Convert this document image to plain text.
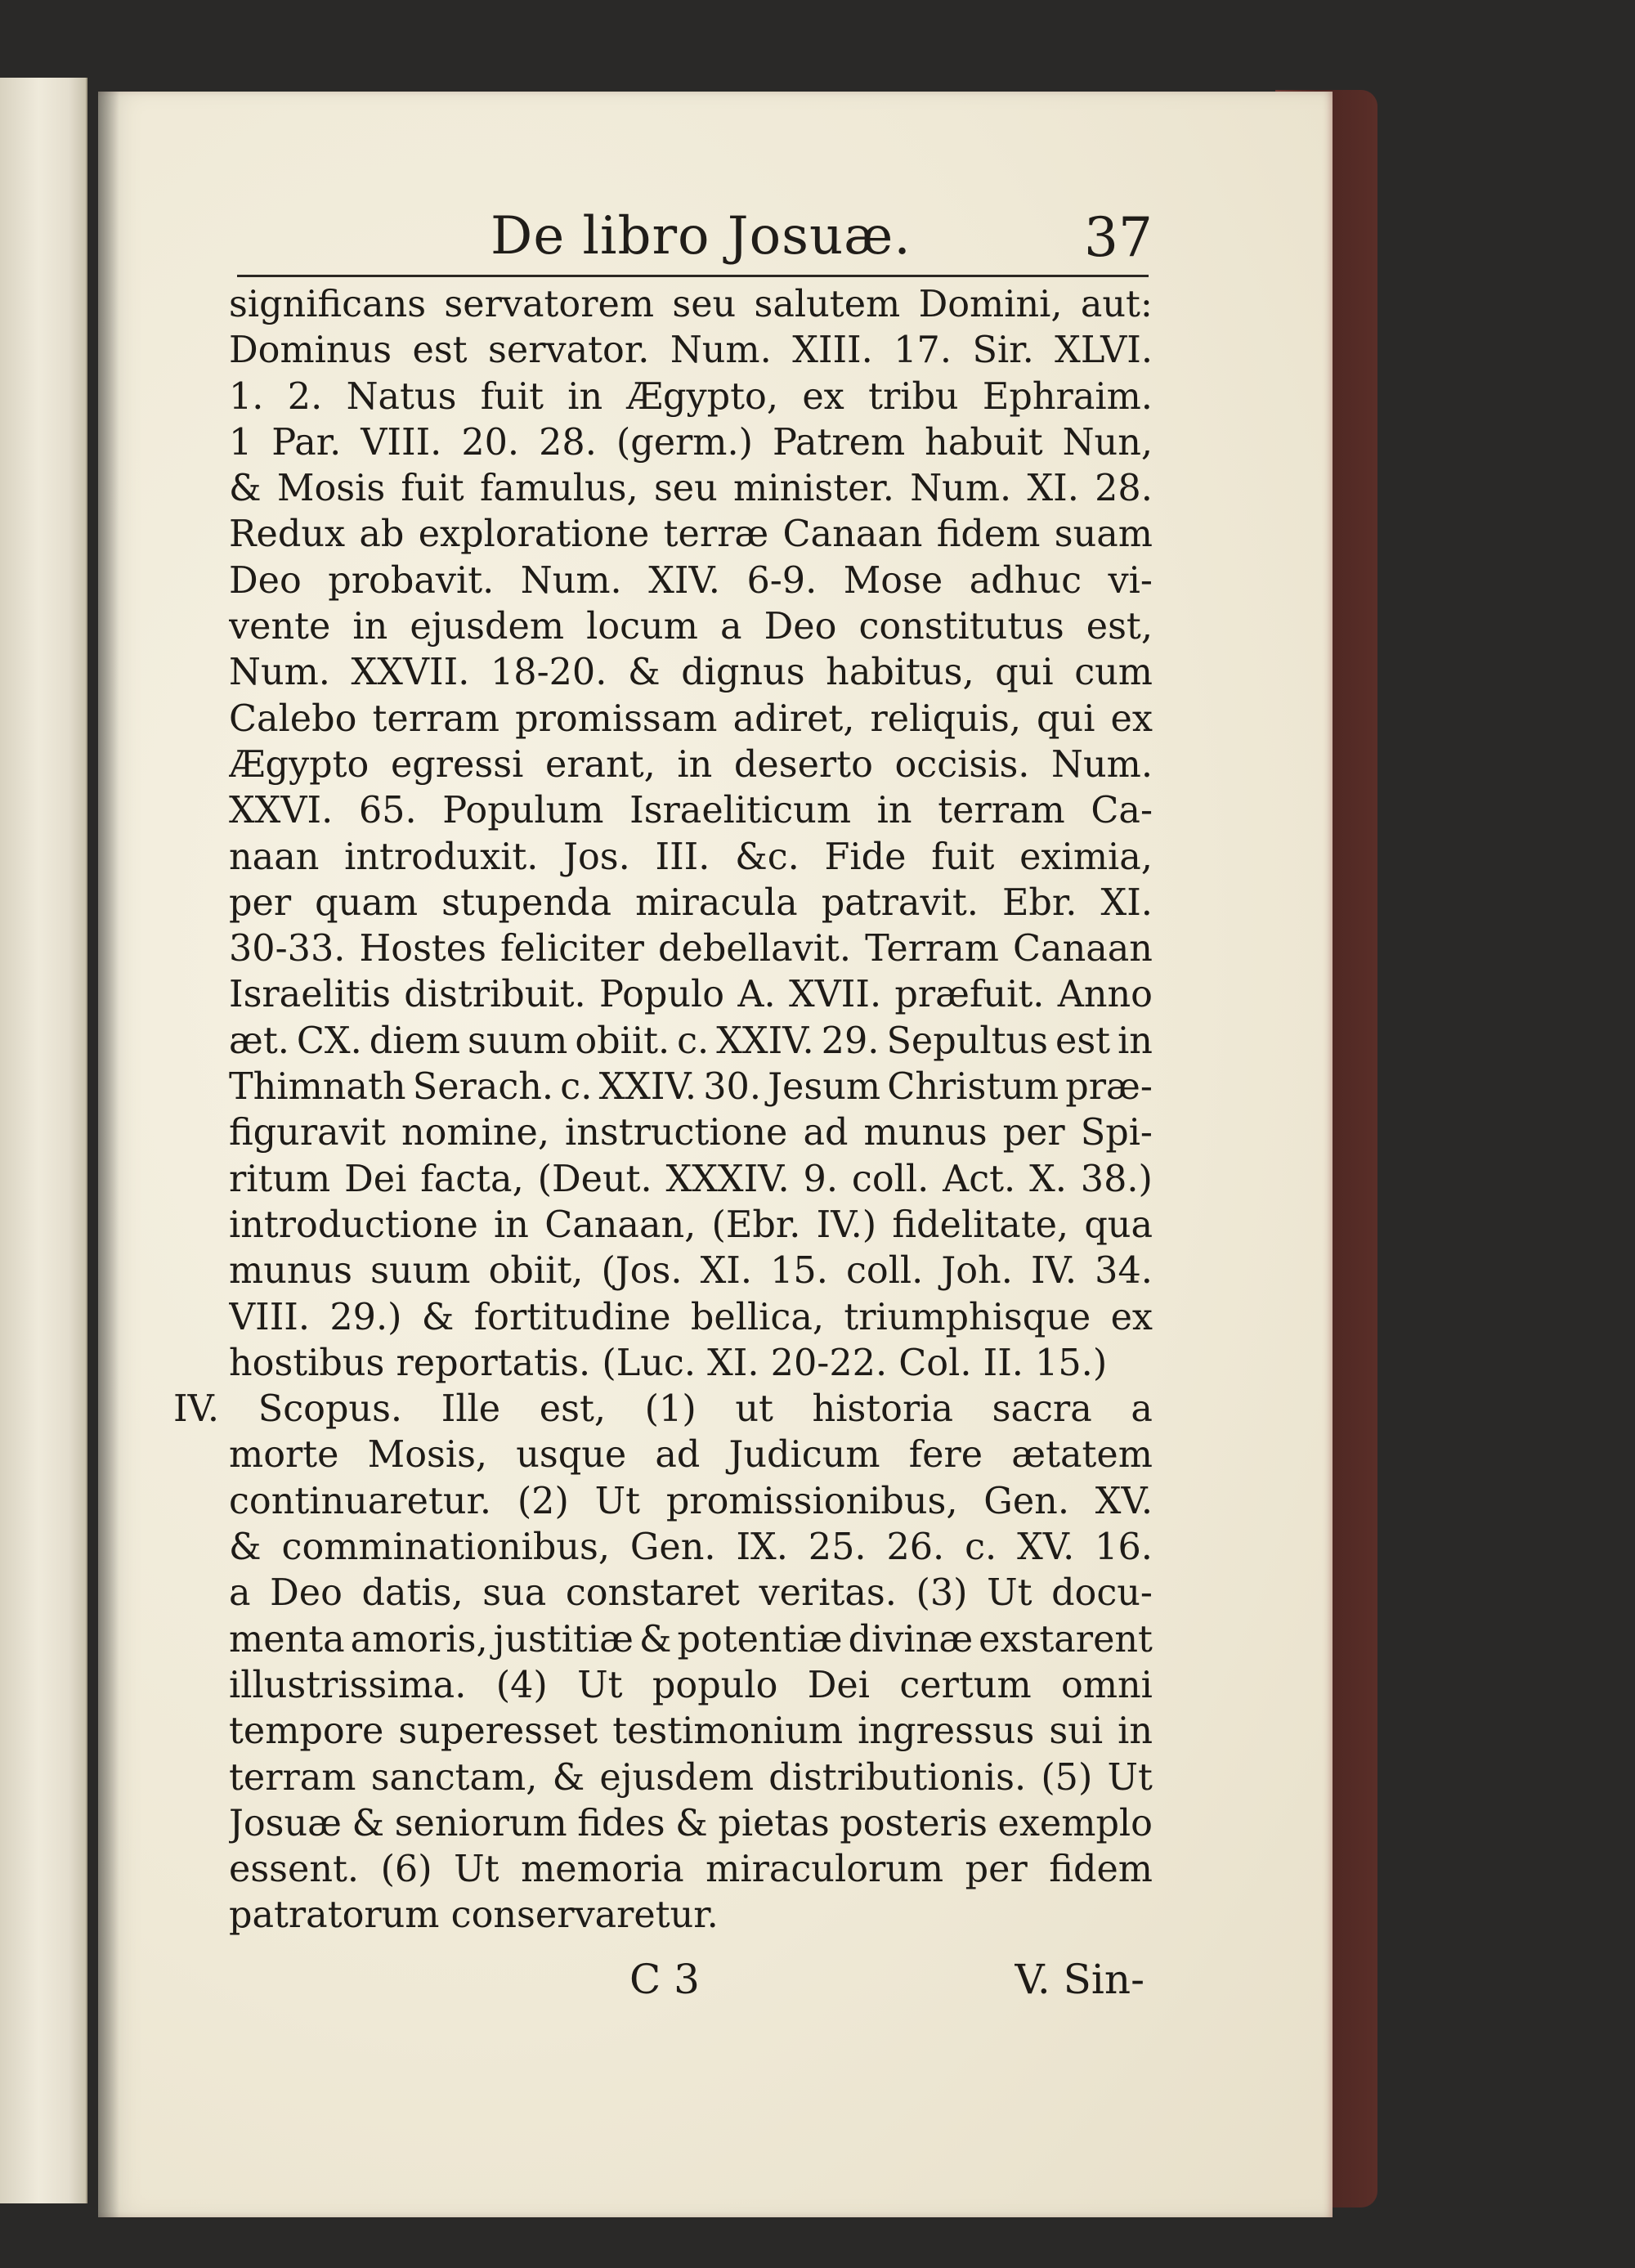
De libro Josuæ.	37
significans servatorem seu salutem Domini, aut:
Dominus est servator. Num. XIII. 17. Sir. XLVI.
1. 2. Natus fuit in Ægypto, ex tribu Ephraim.
1 Par. VIII. 20. 28. (germ.) Patrem habuit Nun,
& Mosis fuit famulus, seu minister. Num. XI. 28.
Redux ab exploratione terræ Canaan fidem suam
Deo probavit. Num. XIV. 6-9. Mose adhuc vi-
vente in ejusdem locum a Deo constitutus est,
Num. XXVII. 18-20. & dignus habitus, qui cum
Calebo terram promissam adiret, reliquis, qui ex
Ægypto egressi erant, in deserto occisis. Num.
XXVI. 65. Populum Israeliticum in terram Ca-
naan introduxit. Jos. III. &c. Fide fuit eximia,
per quam stupenda miracula patravit. Ebr. XI.
30-33. Hostes feliciter debellavit. Terram Canaan
Israelitis distribuit. Populo A. XVII. præfuit. Anno
æt. CX. diem suum obiit. c. XXIV. 29. Sepultus est in
Thimnath Serach. c. XXIV. 30. Jesum Christum præ-
figuravit nomine, instructione ad munus per Spi-
ritum Dei facta, (Deut. XXXIV. 9. coll. Act. X. 38.)
introductione in Canaan, (Ebr. IV.) fidelitate, qua
munus suum obiit, (Jos. XI. 15. coll. Joh. IV. 34.
VIII. 29.) & fortitudine bellica, triumphisque ex
hostibus reportatis. (Luc. XI. 20-22. Col. II. 15.)
IV. Scopus. Ille est, (1) ut historia sacra a
morte Mosis, usque ad Judicum fere ætatem
continuaretur. (2) Ut promissionibus, Gen. XV.
& comminationibus, Gen. IX. 25. 26. c. XV. 16.
a Deo datis, sua constaret veritas. (3) Ut docu-
menta amoris, justitiæ & potentiæ divinæ exstarent
illustrissima. (4) Ut populo Dei certum omni
tempore superesset testimonium ingressus sui in
terram sanctam, & ejusdem distributionis. (5) Ut
Josuæ & seniorum fides & pietas posteris exemplo
essent. (6) Ut memoria miraculorum per fidem
patratorum conservaretur.
C 3	V. Sin-
